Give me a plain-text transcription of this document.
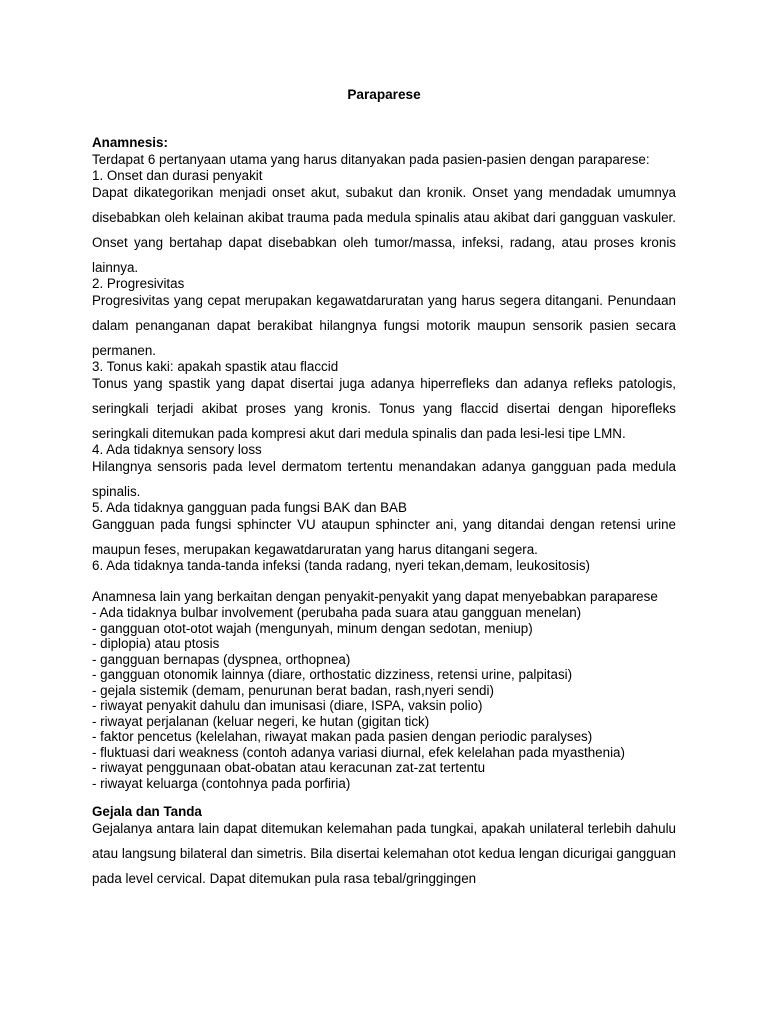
Paraparese
Anamnesis:
Terdapat 6 pertanyaan utama yang harus ditanyakan pada pasien-pasien dengan paraparese:
1. Onset dan durasi penyakit
Dapat dikategorikan menjadi onset akut, subakut dan kronik. Onset yang mendadak umumnya disebabkan oleh kelainan akibat trauma pada medula spinalis atau akibat dari gangguan vaskuler. Onset yang bertahap dapat disebabkan oleh tumor/massa, infeksi, radang, atau proses kronis lainnya.
2. Progresivitas
Progresivitas yang cepat merupakan kegawatdaruratan yang harus segera ditangani. Penundaan dalam penanganan dapat berakibat hilangnya fungsi motorik maupun sensorik pasien secara permanen.
3. Tonus kaki: apakah spastik atau flaccid
Tonus yang spastik yang dapat disertai juga adanya hiperrefleks dan adanya refleks patologis, seringkali terjadi akibat proses yang kronis. Tonus yang flaccid disertai dengan hiporefleks seringkali ditemukan pada kompresi akut dari medula spinalis dan pada lesi-lesi tipe LMN.
4. Ada tidaknya sensory loss
Hilangnya sensoris pada level dermatom tertentu menandakan adanya gangguan pada medula spinalis.
5. Ada tidaknya gangguan pada fungsi BAK dan BAB
Gangguan pada fungsi sphincter VU ataupun sphincter ani, yang ditandai dengan retensi urine maupun feses, merupakan kegawatdaruratan yang harus ditangani segera.
6. Ada tidaknya tanda-tanda infeksi (tanda radang, nyeri tekan,demam, leukositosis)
Anamnesa lain yang berkaitan dengan penyakit-penyakit yang dapat menyebabkan paraparese
- Ada tidaknya bulbar involvement (perubaha pada suara atau gangguan menelan)
- gangguan otot-otot wajah (mengunyah, minum dengan sedotan, meniup)
- diplopia) atau ptosis
- gangguan bernapas (dyspnea, orthopnea)
- gangguan otonomik lainnya (diare, orthostatic dizziness, retensi urine, palpitasi)
- gejala sistemik (demam, penurunan berat badan, rash,nyeri sendi)
- riwayat penyakit dahulu dan imunisasi (diare, ISPA, vaksin polio)
- riwayat perjalanan (keluar negeri, ke hutan (gigitan tick)
- faktor pencetus (kelelahan, riwayat makan pada pasien dengan periodic paralyses)
- fluktuasi dari weakness (contoh adanya variasi diurnal, efek kelelahan pada myasthenia)
- riwayat penggunaan obat-obatan atau keracunan zat-zat tertentu
- riwayat keluarga (contohnya pada porfiria)
Gejala dan Tanda
Gejalanya antara lain dapat ditemukan kelemahan pada tungkai, apakah unilateral terlebih dahulu atau langsung bilateral dan simetris. Bila disertai kelemahan otot kedua lengan dicurigai gangguan pada level cervical. Dapat ditemukan pula rasa tebal/gringgingen
